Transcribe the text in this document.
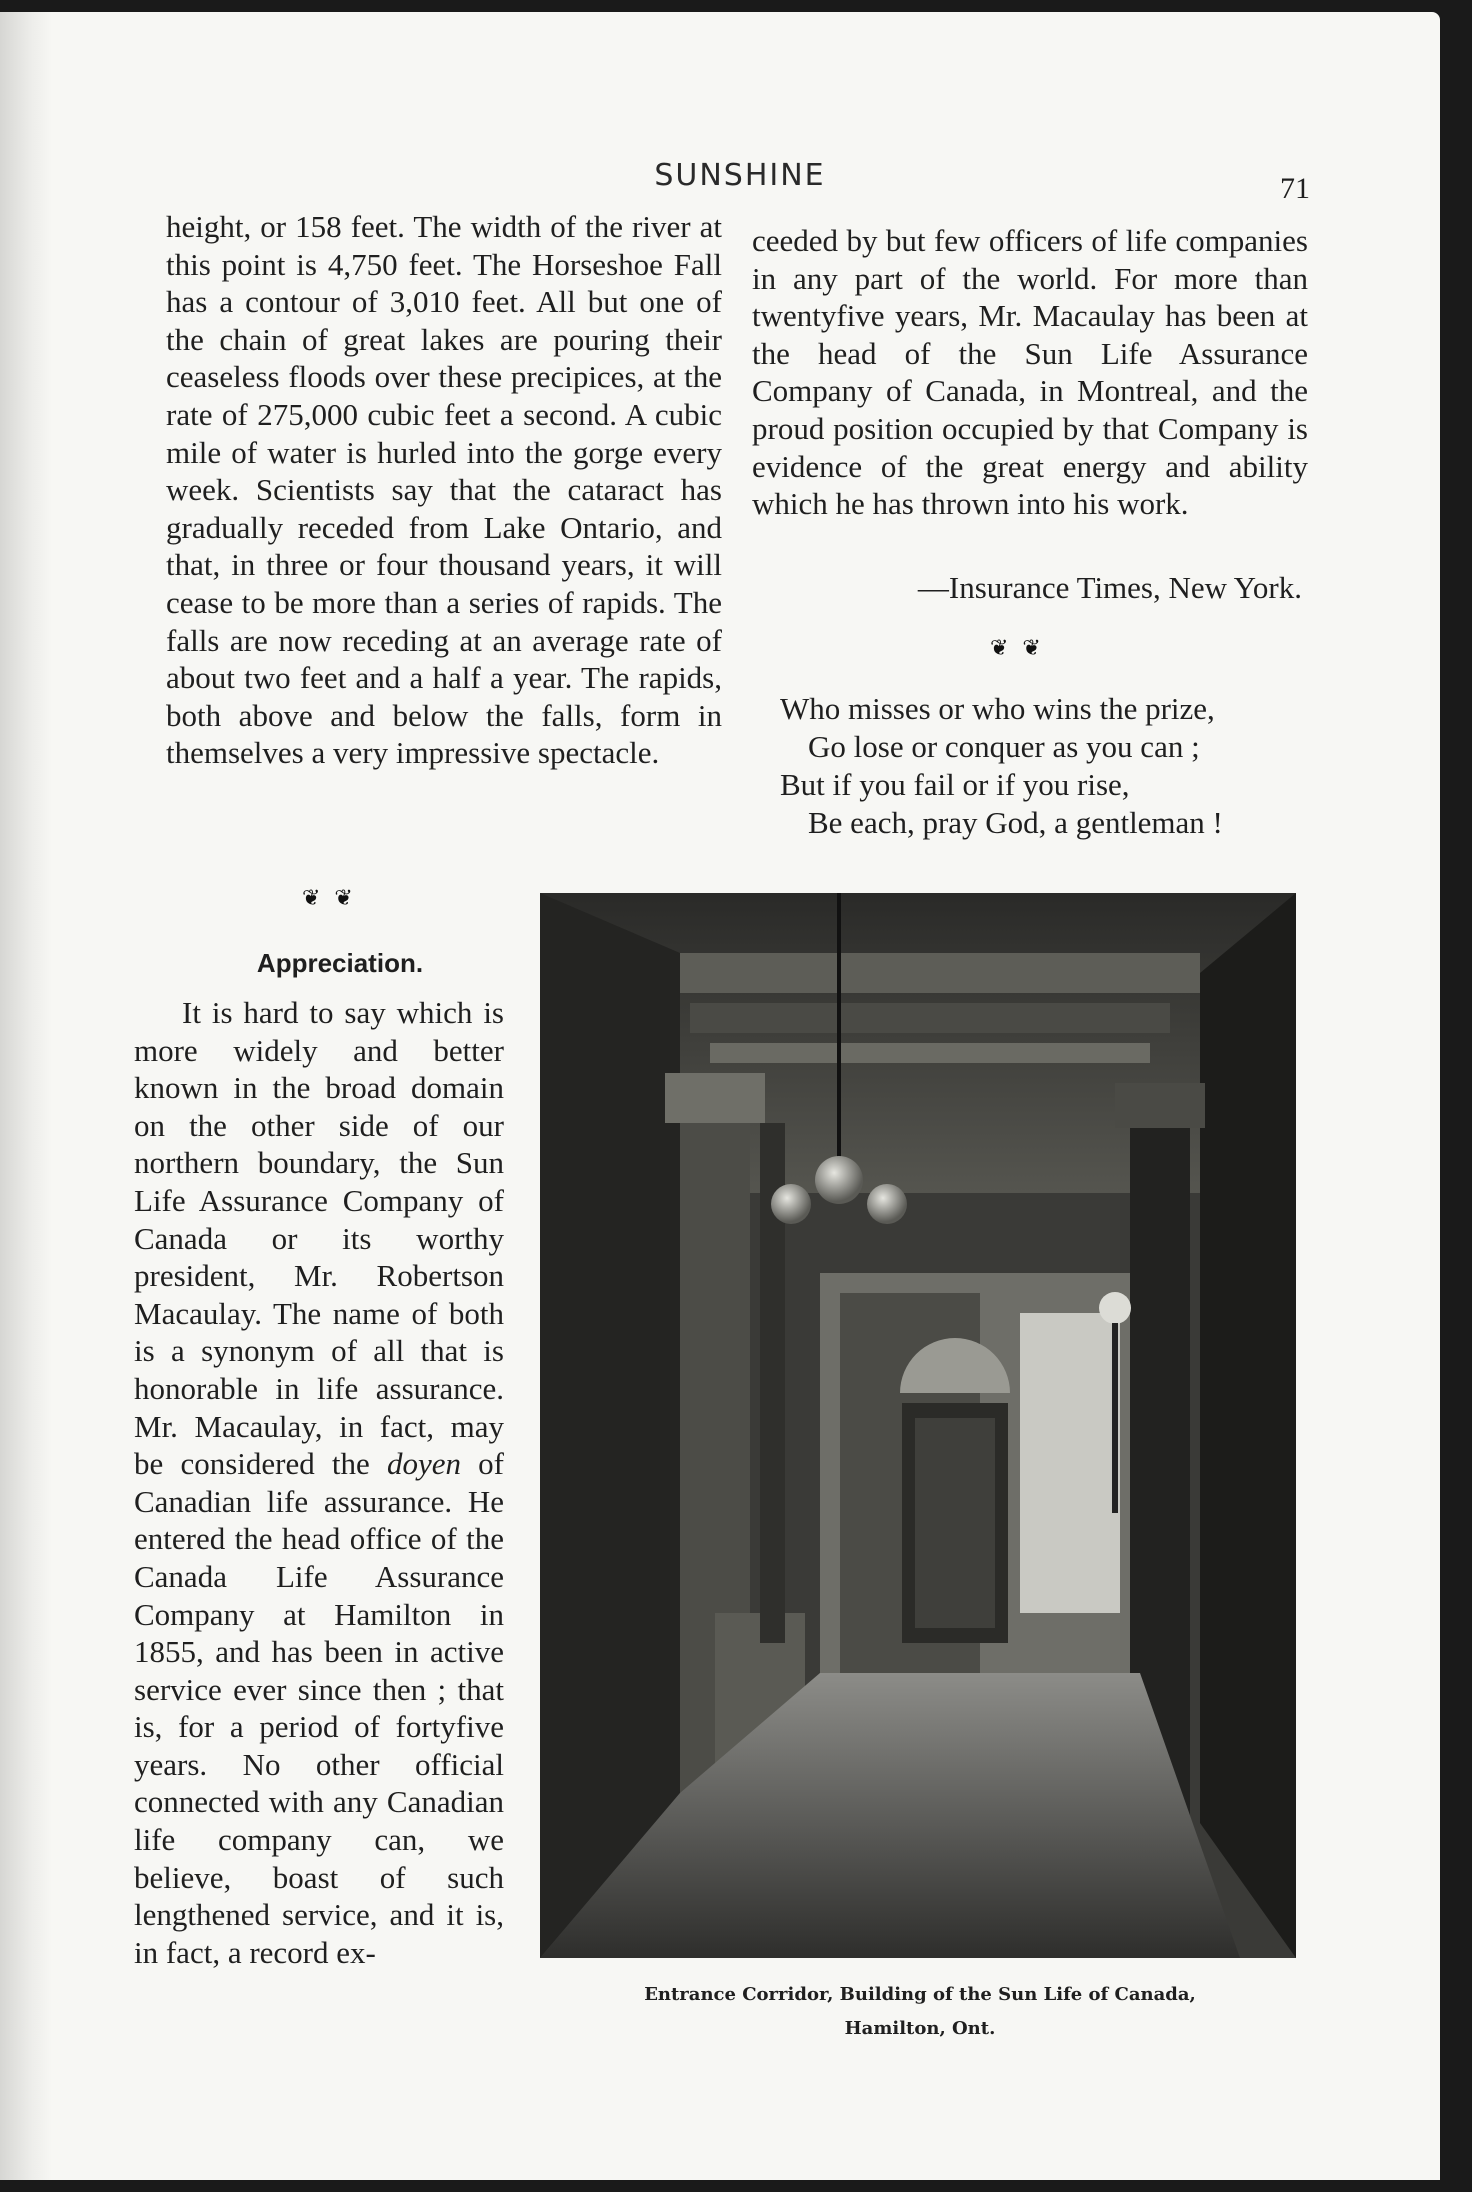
SUNSHINE	71

height, or 158 feet. The width of the river at this point is 4,750 feet. The Horseshoe Fall has a contour of 3,010 feet. All but one of the chain of great lakes are pouring their ceaseless floods over these precipices, at the rate of 275,000 cubic feet a second. A cubic mile of water is hurled into the gorge every week. Scientists say that the cataract has gradually receded from Lake Ontario, and that, in three or four thousand years, it will cease to be more than a series of rapids. The falls are now receding at an average rate of about two feet and a half a year. The rapids, both above and below the falls, form in themselves a very impressive spectacle.

ceeded by but few officers of life companies in any part of the world. For more than twentyfive years, Mr. Macaulay has been at the head of the Sun Life Assurance Company of Canada, in Montreal, and the proud position occupied by that Company is evidence of the great energy and ability which he has thrown into his work.

—Insurance Times, New York.
❦❦
Who misses or who wins the prize,
Go lose or conquer as you can ;
But if you fail or if you rise,
Be each, pray God, a gentleman !
❦❦
Appreciation.

It is hard to say which is more widely and better known in the broad domain on the other side of our northern boundary, the Sun Life Assurance Company of Canada or its worthy president, Mr. Robertson Macaulay. The name of both is a synonym of all that is honorable in life assurance. Mr. Macaulay, in fact, may be considered the doyen of Canadian life assurance. He entered the head office of the Canada Life Assurance Company at Hamilton in 1855, and has been in active service ever since then ; that is, for a period of fortyfive years. No other official connected with any Canadian life company can, we believe, boast of such lengthened service, and it is, in fact, a record ex-

Entrance Corridor, Building of the Sun Life of Canada,
Hamilton, Ont.
